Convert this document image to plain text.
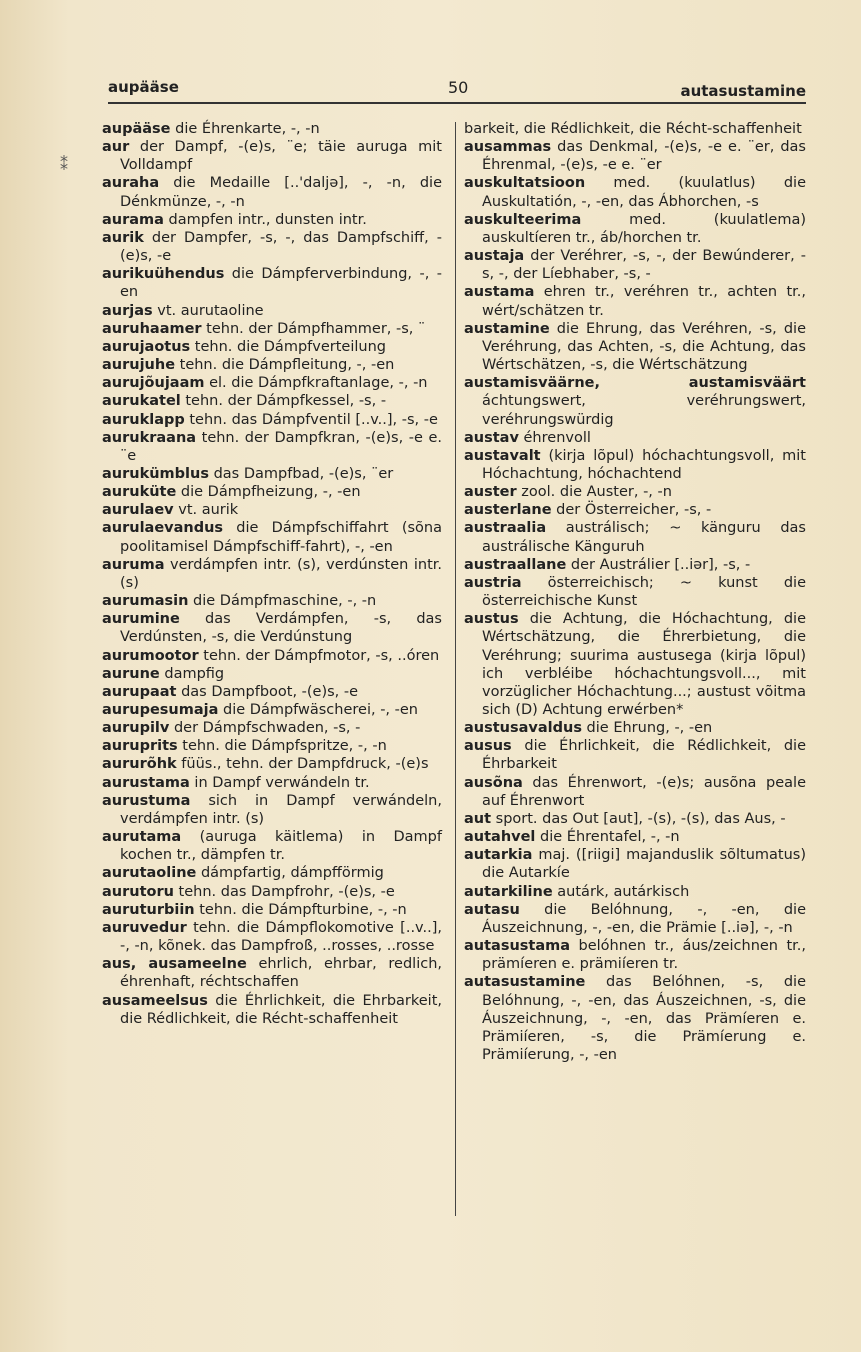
aupääse	50	autasustamine
⁑

aupääse die Éhrenkarte, -, -n

aur der Dampf, -(e)s, ¨e; täie auruga mit Volldampf

auraha die Medaille [..'daljə], -, -n, die Dénkmünze, -, -n

aurama dampfen intr., dunsten intr.

aurik der Dampfer, -s, -, das Dampfschiff, -(e)s, -e

aurikuühendus die Dámpferverbindung, -, -en

aurjas vt. aurutaoline

auruhaamer tehn. der Dámpfhammer, -s, ¨

aurujaotus tehn. die Dámpfverteilung

aurujuhe tehn. die Dámpfleitung, -, -en

aurujõujaam el. die Dámpfkraftanlage, -, -n

aurukatel tehn. der Dámpfkessel, -s, -

auruklapp tehn. das Dámpfventil [..v..], -s, -e

aurukraana tehn. der Dampfkran, -(e)s, -e e. ¨e

aurukümblus das Dampfbad, -(e)s, ¨er

auruküte die Dámpfheizung, -, -en

aurulaev vt. aurik

aurulaevandus die Dámpfschiffahrt (sõna poolitamisel Dámpfschiff-fahrt), -, -en

auruma verdámpfen intr. (s), verdúnsten intr. (s)

aurumasin die Dámpfmaschine, -, -n

aurumine das Verdámpfen, -s, das Verdúnsten, -s, die Verdúnstung

aurumootor tehn. der Dámpfmotor, -s, ..óren

aurune dampfig

aurupaat das Dampfboot, -(e)s, -e

aurupesumaja die Dámpfwäscherei, -, -en

aurupilv der Dámpfschwaden, -s, -

auruprits tehn. die Dámpfspritze, -, -n

aururõhk füüs., tehn. der Dampfdruck, -(e)s

aurustama in Dampf verwándeln tr.

aurustuma sich in Dampf verwándeln, verdámpfen intr. (s)

aurutama (auruga käitlema) in Dampf kochen tr., dämpfen tr.

aurutaoline dámpfartig, dámpfförmig

aurutoru tehn. das Dampfrohr, -(e)s, -e

auruturbiin tehn. die Dámpfturbine, -, -n

auruvedur tehn. die Dámpflokomotive [..v..], -, -n, kõnek. das Dampfroß, ..rosses, ..rosse

aus, ausameelne ehrlich, ehrbar, redlich, éhrenhaft, réchtschaffen

ausameelsus die Éhrlichkeit, die Ehrbarkeit, die Rédlichkeit, die Récht-schaffenheit

barkeit, die Rédlichkeit, die Récht-schaffenheit

ausammas das Denkmal, -(e)s, -e e. ¨er, das Éhrenmal, -(e)s, -e e. ¨er

auskultatsioon med. (kuulatlus) die Auskultatión, -, -en, das Ábhorchen, -s

auskulteerima med. (kuulatlema) auskultíeren tr., áb/horchen tr.

austaja der Veréhrer, -s, -, der Bewúnderer, -s, -, der Líebhaber, -s, -

austama ehren tr., veréhren tr., achten tr., wért/schätzen tr.

austamine die Ehrung, das Veréhren, -s, die Veréhrung, das Achten, -s, die Achtung, das Wértschätzen, -s, die Wértschätzung

austamisväärne, austamisväärt áchtungswert, veréhrungswert, veréhrungswürdig

austav éhrenvoll

austavalt (kirja lõpul) hóchachtungsvoll, mit Hóchachtung, hóchachtend

auster zool. die Auster, -, -n

austerlane der Österreicher, -s, -

austraalia austrálisch; ~ känguru das austrálische Känguruh

austraallane der Austrálier [..iər], -s, -

austria österreichisch; ~ kunst die österreichische Kunst

austus die Achtung, die Hóchachtung, die Wértschätzung, die Éhrerbietung, die Veréhrung; suurima austusega (kirja lõpul) ich verbléibe hóchachtungsvoll..., mit vorzüglicher Hóchachtung...; austust võitma sich (D) Achtung erwérben*

austusavaldus die Ehrung, -, -en

ausus die Éhrlichkeit, die Rédlichkeit, die Éhrbarkeit

ausõna das Éhrenwort, -(e)s; ausõna peale auf Éhrenwort

aut sport. das Out [aut], -(s), -(s), das Aus, -

autahvel die Éhrentafel, -, -n

autarkia maj. ([riigi] majanduslik sõltumatus) die Autarkíe

autarkiline autárk, autárkisch

autasu die Belóhnung, -, -en, die Áuszeichnung, -, -en, die Prämie [..iə], -, -n

autasustama belóhnen tr., áus/zeichnen tr., prämíeren e. prämiíeren tr.

autasustamine das Belóhnen, -s, die Belóhnung, -, -en, das Áuszeichnen, -s, die Áuszeichnung, -, -en, das Prämíeren e. Prämiíeren, -s, die Prämíerung e. Prämiíerung, -, -en
